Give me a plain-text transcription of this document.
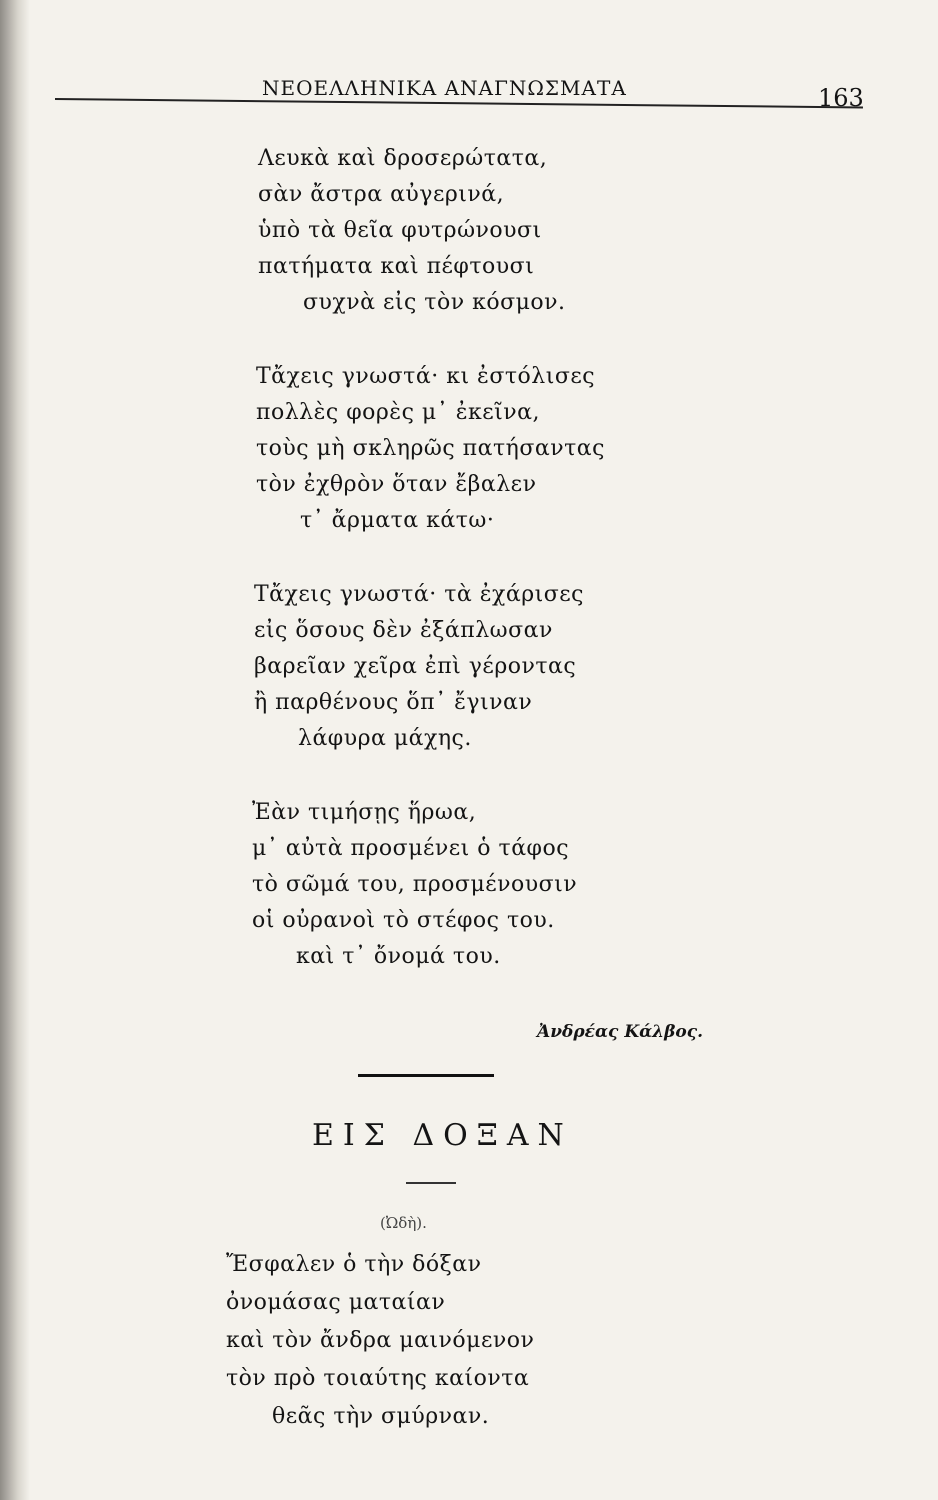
ΝΕΟΕΛΛΗΝΙΚΑ ΑΝΑΓΝΩΣΜΑΤΑ	163
Λευκὰ καὶ δροσερώτατα,
σὰν ἄστρα αὐγερινά,
ὑπὸ τὰ θεῖα φυτρώνουσι
πατήματα καὶ πέφτουσι
συχνὰ εἰς τὸν κόσμον.
Τἄχεις γνωστά· κι ἐστόλισες
πολλὲς φορὲς μ᾽ ἐκεῖνα,
τοὺς μὴ σκληρῶς πατήσαντας
τὸν ἐχθρὸν ὅταν ἔβαλεν
τ᾽ ἄρματα κάτω·
Τἄχεις γνωστά· τὰ ἐχάρισες
εἰς ὅσους δὲν ἐξάπλωσαν
βαρεῖαν χεῖρα ἐπὶ γέροντας
ἢ παρθένους ὅπ᾽ ἔγιναν
λάφυρα μάχης.
Ἐὰν τιμήσῃς ἥρωα,
μ᾽ αὐτὰ προσμένει ὁ τάφος
τὸ σῶμά του, προσμένουσιν
οἱ οὐρανοὶ τὸ στέφος του.
καὶ τ᾽ ὄνομά του.
Ἀνδρέας Κάλβος.
ΕΙΣ ΔΟΞΑΝ
(Ὠδὴ).
Ἔσφαλεν ὁ τὴν δόξαν
ὀνομάσας ματαίαν
καὶ τὸν ἄνδρα μαινόμενον
τὸν πρὸ τοιαύτης καίοντα
θεᾶς τὴν σμύρναν.
